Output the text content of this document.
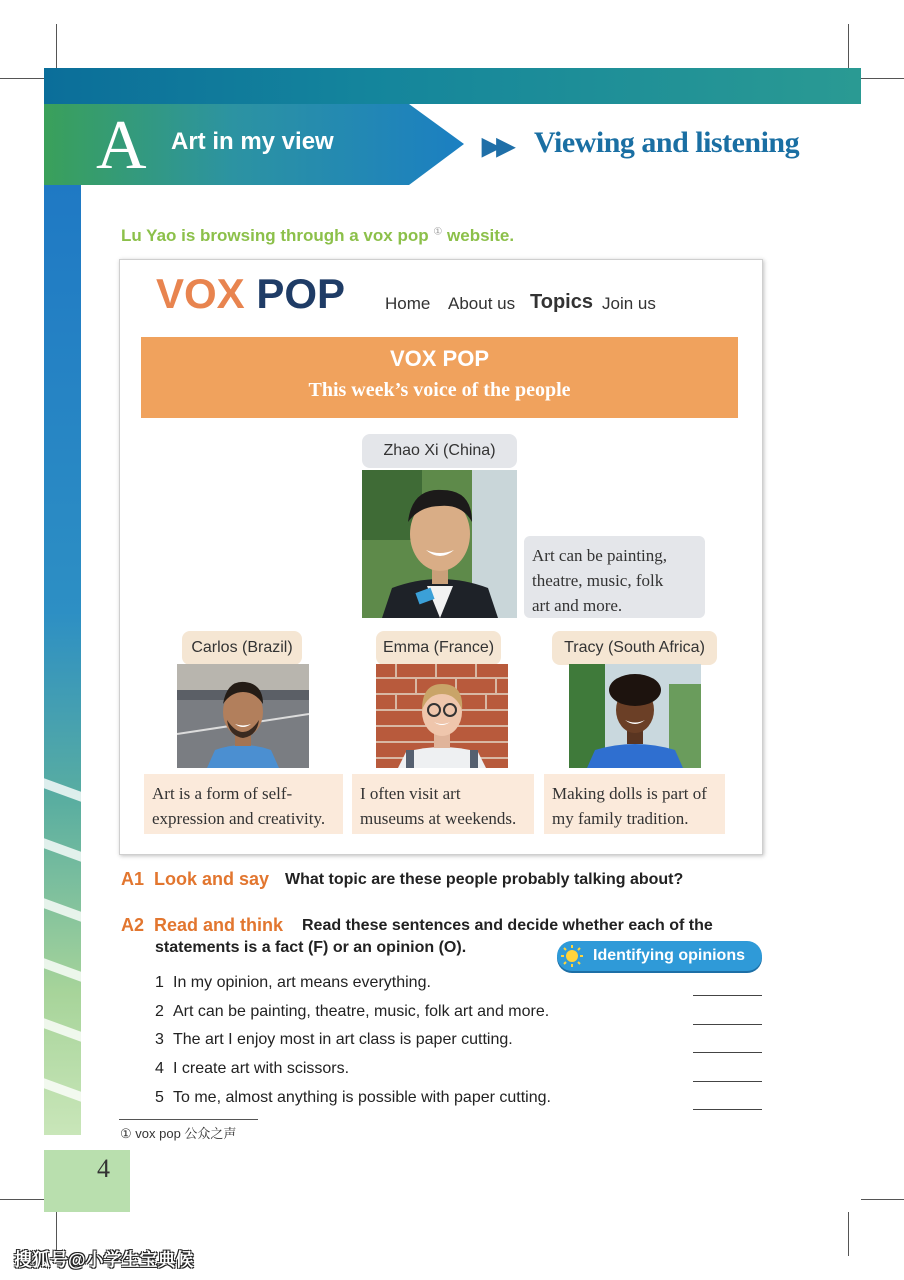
A Art in my view	▶▶ Viewing and listening
Lu Yao is browsing through a vox pop ① website.
VOX POP Home About us Topics Join us
VOX POP
This week’s voice of the people
Zhao Xi (China)
Art can be painting,
theatre, music, folk
art and more.
Carlos (Brazil)
Art is a form of self-
expression and creativity.
Emma (France)
I often visit art
museums at weekends.
Tracy (South Africa)
Making dolls is part of
my family tradition.
A1 Look and say What topic are these people probably talking about?
A2 Read and think Read these sentences and decide whether each of the
statements is a fact (F) or an opinion (O).	Identifying opinions
1 In my opinion, art means everything.
2 Art can be painting, theatre, music, folk art and more.
3 The art I enjoy most in art class is paper cutting.
4 I create art with scissors.
5 To me, almost anything is possible with paper cutting.
① vox pop 公众之声
4
搜狐号@小学生宝典候
